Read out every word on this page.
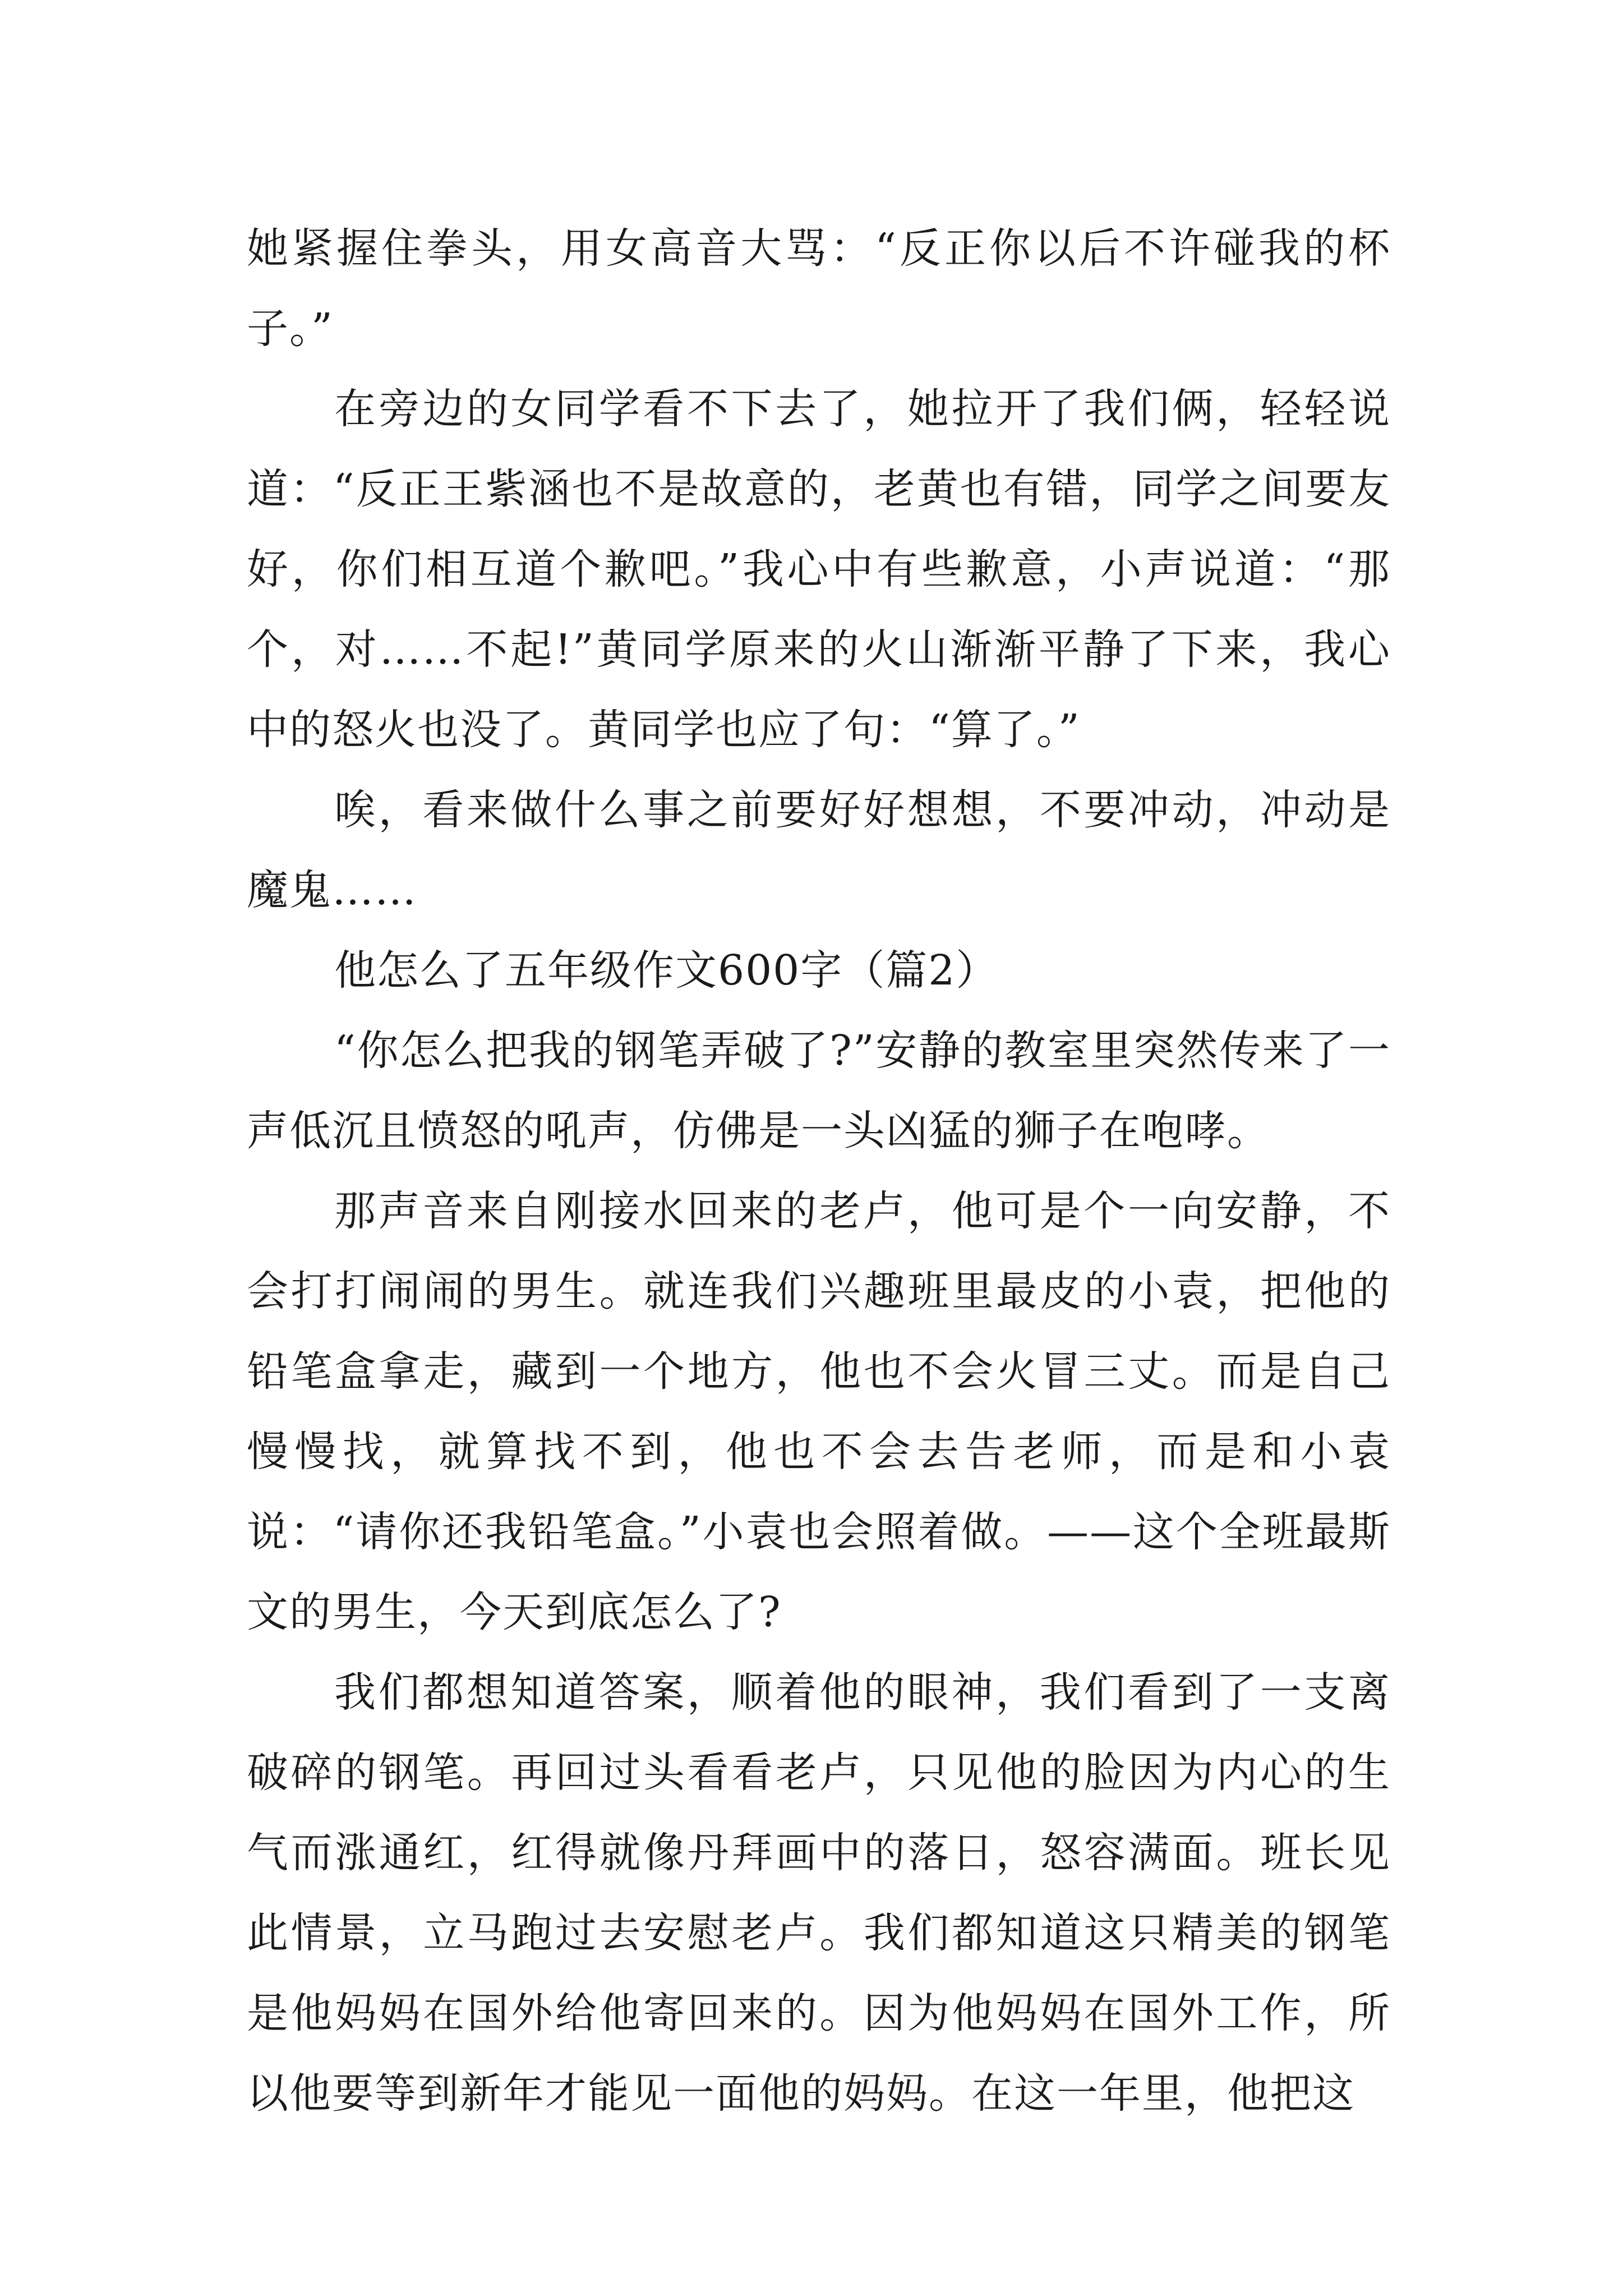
她紧握住拳头，用女高音大骂：“反正你以后不许碰我的杯子。”

在旁边的女同学看不下去了，她拉开了我们俩，轻轻说道：“反正王紫涵也不是故意的，老黄也有错，同学之间要友好，你们相互道个歉吧。”我心中有些歉意，小声说道：“那个，对……不起!”黄同学原来的火山渐渐平静了下来，我心中的怒火也没了。黄同学也应了句：“算了。”

唉，看来做什么事之前要好好想想，不要冲动，冲动是魔鬼……

他怎么了五年级作文600字（篇2）

“你怎么把我的钢笔弄破了?”安静的教室里突然传来了一声低沉且愤怒的吼声，仿佛是一头凶猛的狮子在咆哮。

那声音来自刚接水回来的老卢，他可是个一向安静，不会打打闹闹的男生。就连我们兴趣班里最皮的小袁，把他的铅笔盒拿走，藏到一个地方，他也不会火冒三丈。而是自己慢慢找，就算找不到，他也不会去告老师，而是和小袁说：“请你还我铅笔盒。”小袁也会照着做。——这个全班最斯文的男生，今天到底怎么了?

我们都想知道答案，顺着他的眼神，我们看到了一支离破碎的钢笔。再回过头看看老卢，只见他的脸因为内心的生气而涨通红，红得就像丹拜画中的落日，怒容满面。班长见此情景，立马跑过去安慰老卢。我们都知道这只精美的钢笔是他妈妈在国外给他寄回来的。因为他妈妈在国外工作，所以他要等到新年才能见一面他的妈妈。在这一年里，他把这
